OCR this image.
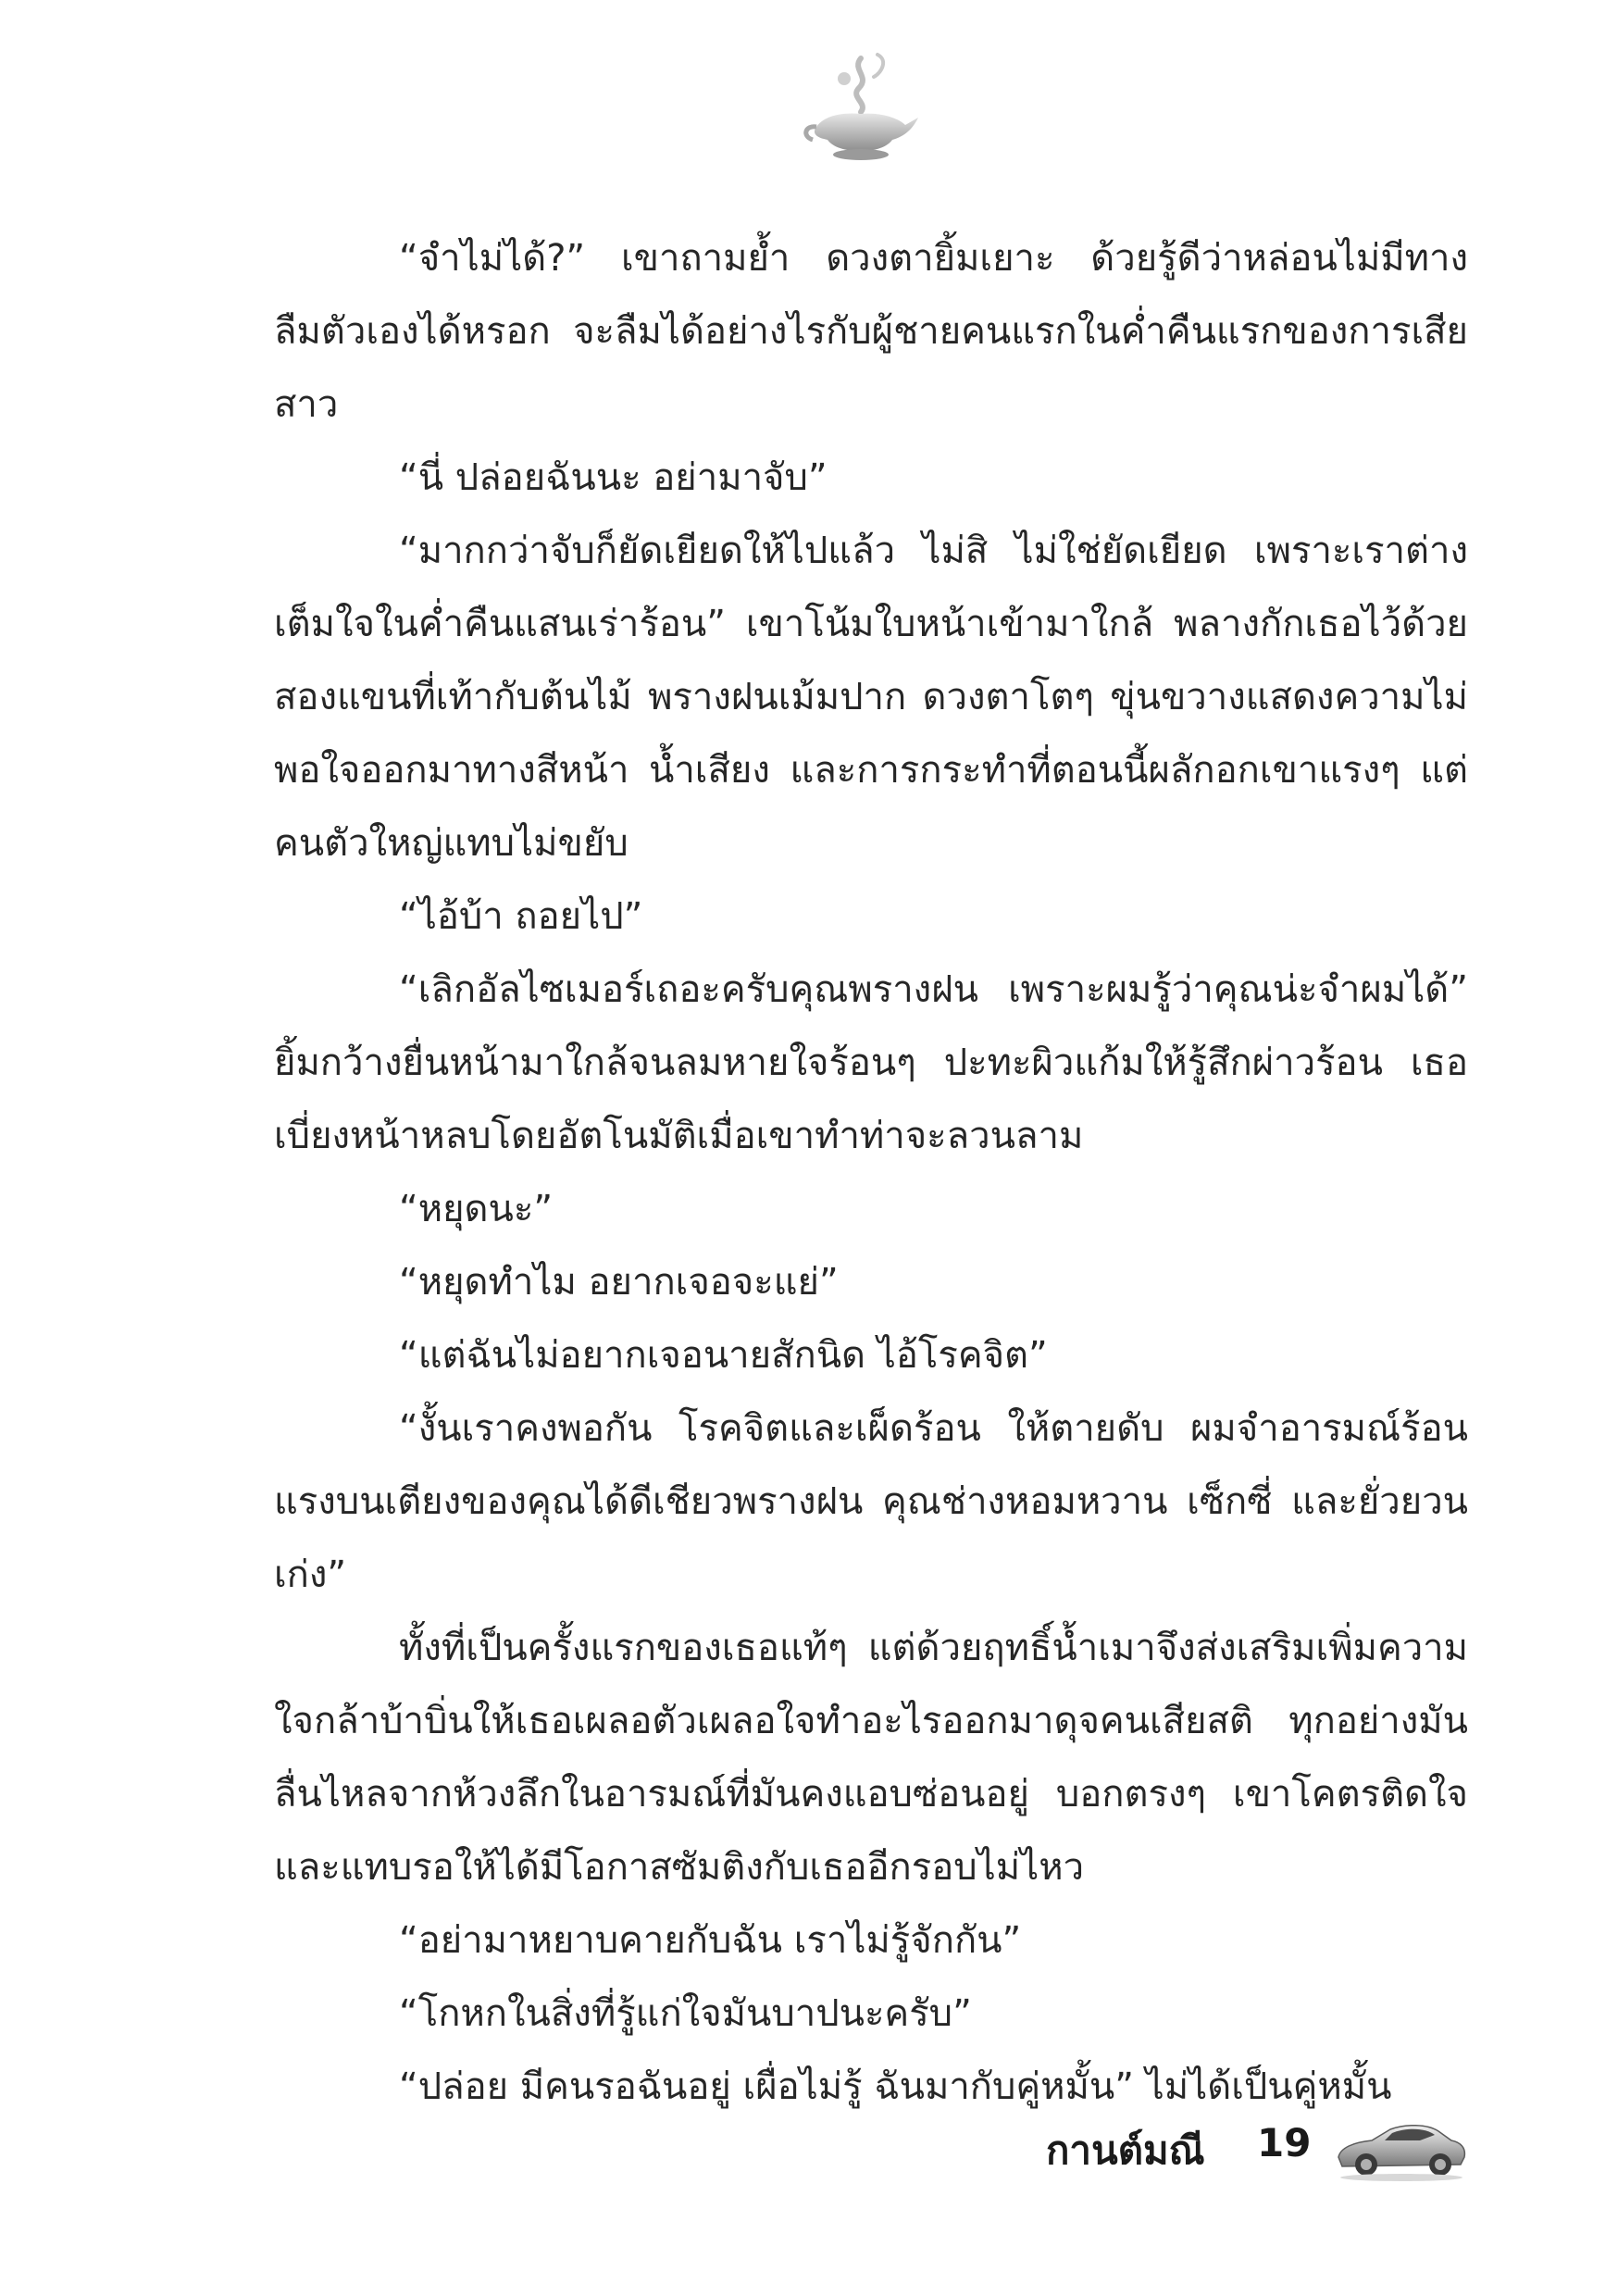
“จำไม่ได้?” เขาถามย้ำ ดวงตายิ้มเยาะ ด้วยรู้ดีว่าหล่อนไม่มีทางลืมตัวเองได้หรอก จะลืมได้อย่างไรกับผู้ชายคนแรกในค่ำคืนแรกของการเสียสาว

“นี่ ปล่อยฉันนะ อย่ามาจับ”

“มากกว่าจับก็ยัดเยียดให้ไปแล้ว ไม่สิ ไม่ใช่ยัดเยียด เพราะเราต่างเต็มใจในค่ำคืนแสนเร่าร้อน” เขาโน้มใบหน้าเข้ามาใกล้ พลางกักเธอไว้ด้วยสองแขนที่เท้ากับต้นไม้ พรางฝนเม้มปาก ดวงตาโตๆ ขุ่นขวางแสดงความไม่พอใจออกมาทางสีหน้า น้ำเสียง และการกระทำที่ตอนนี้ผลักอกเขาแรงๆ แต่คนตัวใหญ่แทบไม่ขยับ

“ไอ้บ้า ถอยไป”

“เลิกอัลไซเมอร์เถอะครับคุณพรางฝน เพราะผมรู้ว่าคุณน่ะจำผมได้” ยิ้มกว้างยื่นหน้ามาใกล้จนลมหายใจร้อนๆ ปะทะผิวแก้มให้รู้สึกผ่าวร้อน เธอเบี่ยงหน้าหลบโดยอัตโนมัติเมื่อเขาทำท่าจะลวนลาม

“หยุดนะ”

“หยุดทำไม อยากเจอจะแย่”

“แต่ฉันไม่อยากเจอนายสักนิด ไอ้โรคจิต”

“งั้นเราคงพอกัน โรคจิตและเผ็ดร้อน ให้ตายดับ ผมจำอารมณ์ร้อนแรงบนเตียงของคุณได้ดีเชียวพรางฝน คุณช่างหอมหวาน เซ็กซี่ และยั่วยวนเก่ง”

ทั้งที่เป็นครั้งแรกของเธอแท้ๆ แต่ด้วยฤทธิ์น้ำเมาจึงส่งเสริมเพิ่มความใจกล้าบ้าบิ่นให้เธอเผลอตัวเผลอใจทำอะไรออกมาดุจคนเสียสติ ทุกอย่างมันลื่นไหลจากห้วงลึกในอารมณ์ที่มันคงแอบซ่อนอยู่ บอกตรงๆ เขาโคตรติดใจและแทบรอให้ได้มีโอกาสซัมติงกับเธออีกรอบไม่ไหว

“อย่ามาหยาบคายกับฉัน เราไม่รู้จักกัน”

“โกหกในสิ่งที่รู้แก่ใจมันบาปนะครับ”

“ปล่อย มีคนรอฉันอยู่ เผื่อไม่รู้ ฉันมากับคู่หมั้น” ไม่ได้เป็นคู่หมั้น

กานต์มณี 19
